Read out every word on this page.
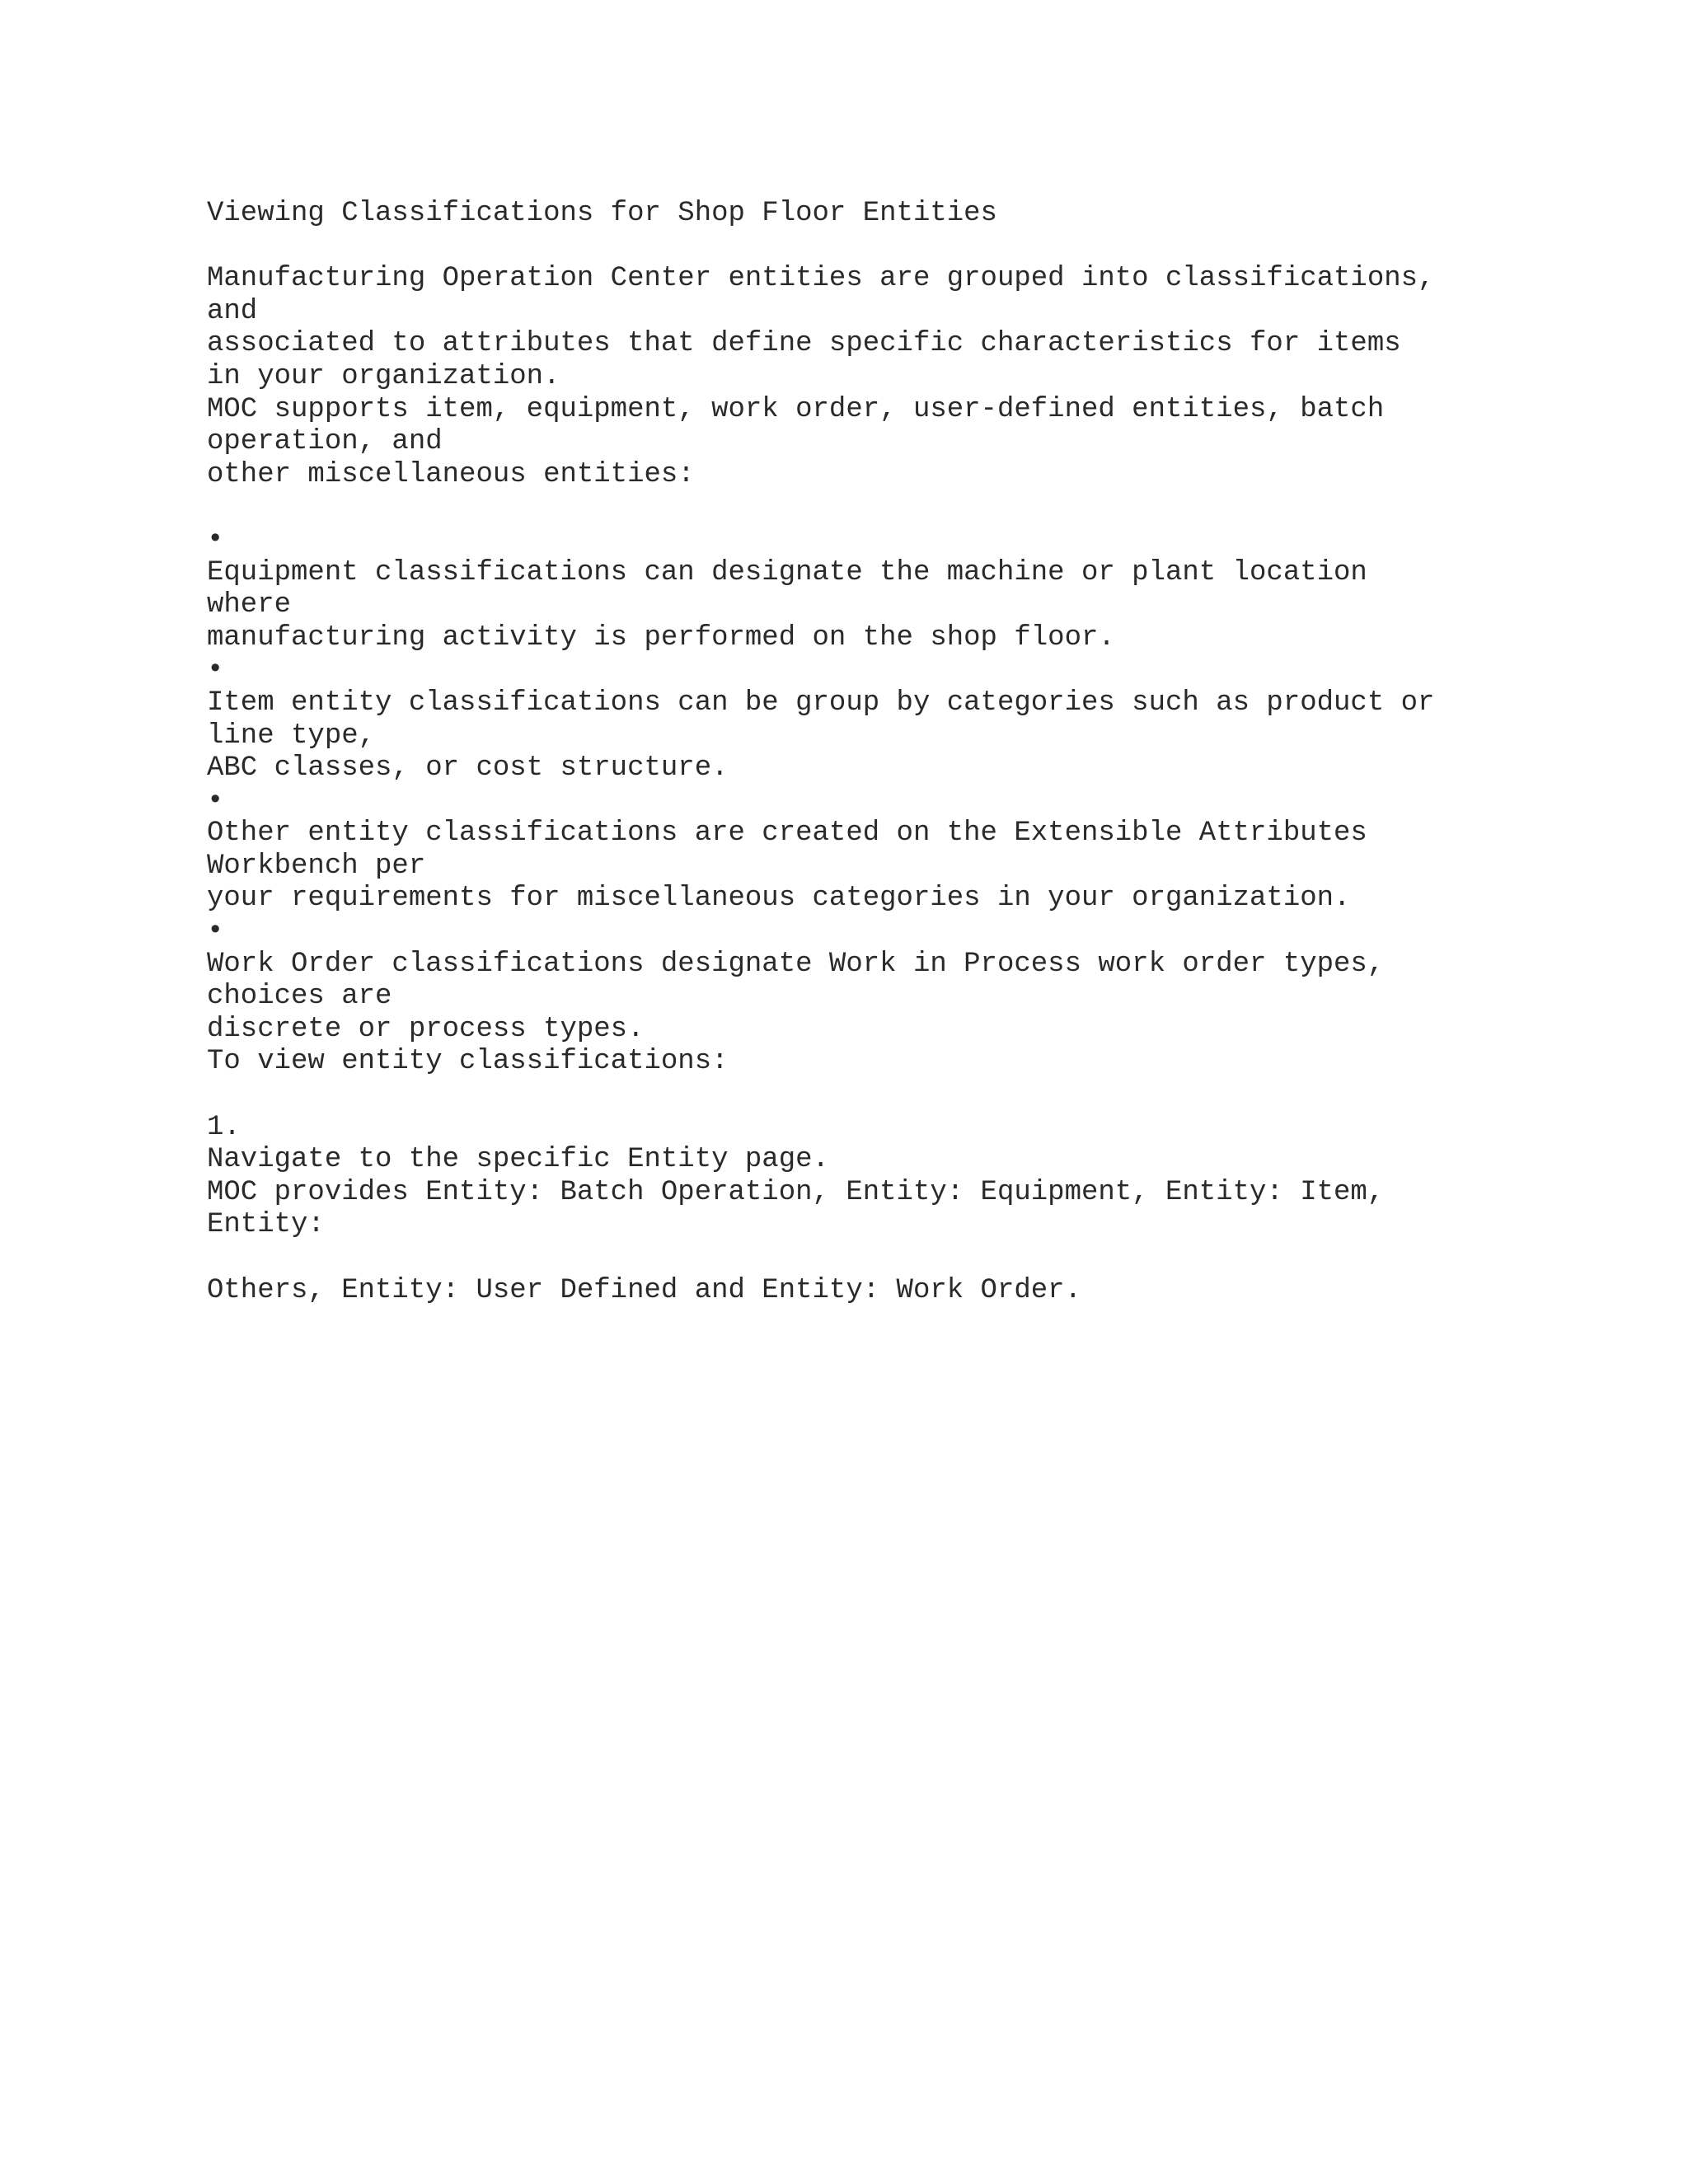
Viewing Classifications for Shop Floor Entities
Manufacturing Operation Center entities are grouped into classifications,
and
associated to attributes that define specific characteristics for items
in your organization.
MOC supports item, equipment, work order, user-defined entities, batch
operation, and
other miscellaneous entities:
•
Equipment classifications can designate the machine or plant location
where
manufacturing activity is performed on the shop floor.
•
Item entity classifications can be group by categories such as product or
line type,
ABC classes, or cost structure.
•
Other entity classifications are created on the Extensible Attributes
Workbench per
your requirements for miscellaneous categories in your organization.
•
Work Order classifications designate Work in Process work order types,
choices are
discrete or process types.
To view entity classifications:
1.
Navigate to the specific Entity page.
MOC provides Entity: Batch Operation, Entity: Equipment, Entity: Item,
Entity:
Others, Entity: User Defined and Entity: Work Order.
